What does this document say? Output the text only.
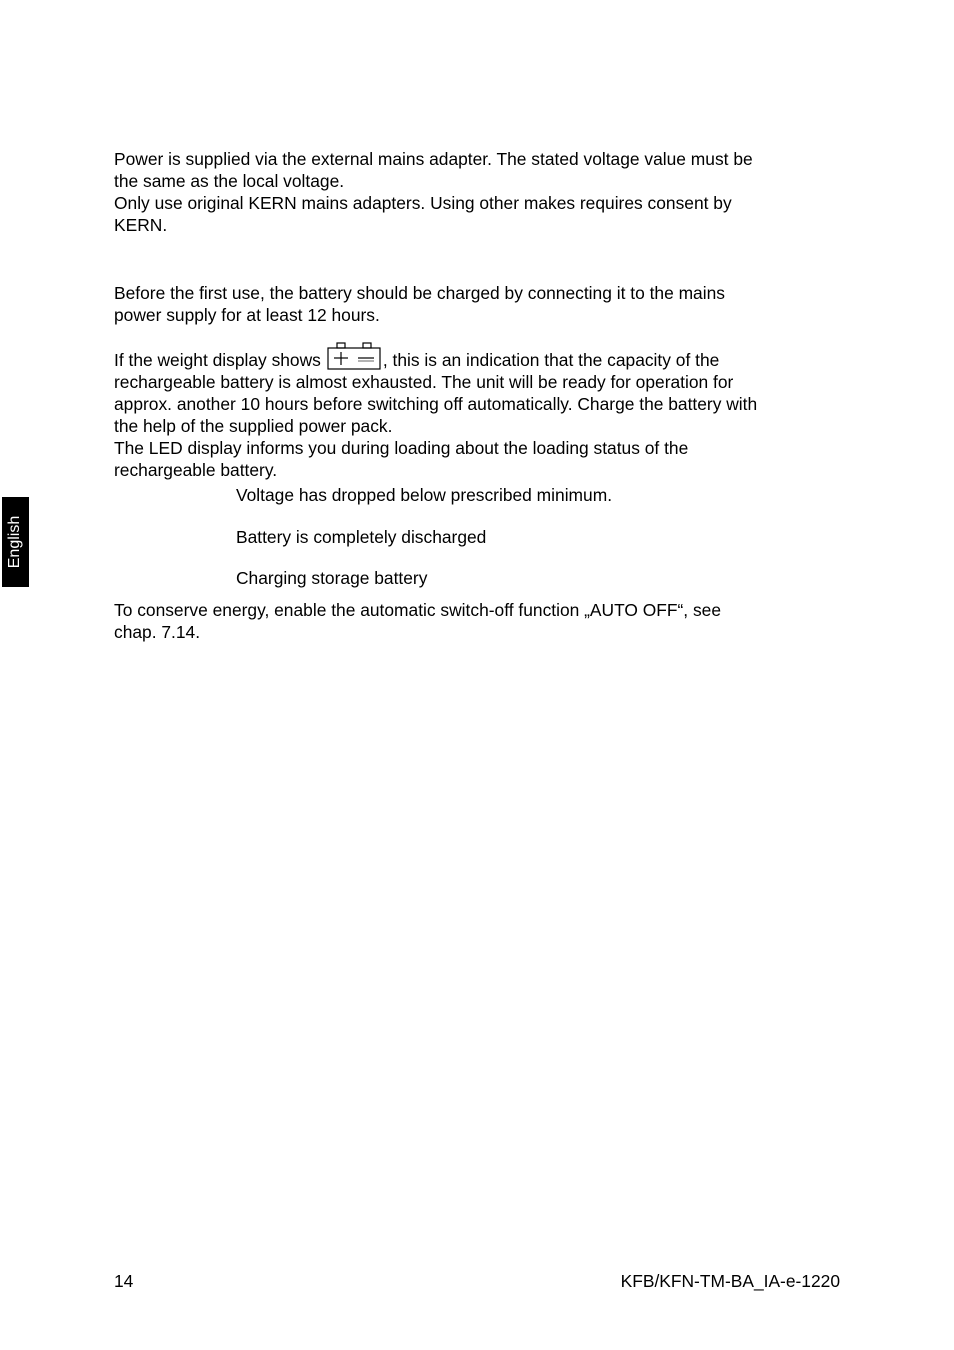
English

Power is supplied via the external mains adapter. The stated voltage value must be

the same as the local voltage.

Only use original KERN mains adapters. Using other makes requires consent by

KERN.

Before the first use, the battery should be charged by connecting it to the mains

power supply for at least 12 hours.

If the weight display shows	, this is an indication that the capacity of the

rechargeable battery is almost exhausted. The unit will be ready for operation for

approx. another 10 hours before switching off automatically. Charge the battery with

the help of the supplied power pack.

The LED display informs you during loading about the loading status of the

rechargeable battery.

Voltage has dropped below prescribed minimum.
Battery is completely discharged
Charging storage battery

To conserve energy, enable the automatic switch-off function „AUTO OFF“, see

chap. 7.14.

14	KFB/KFN-TM-BA_IA-e-1220
